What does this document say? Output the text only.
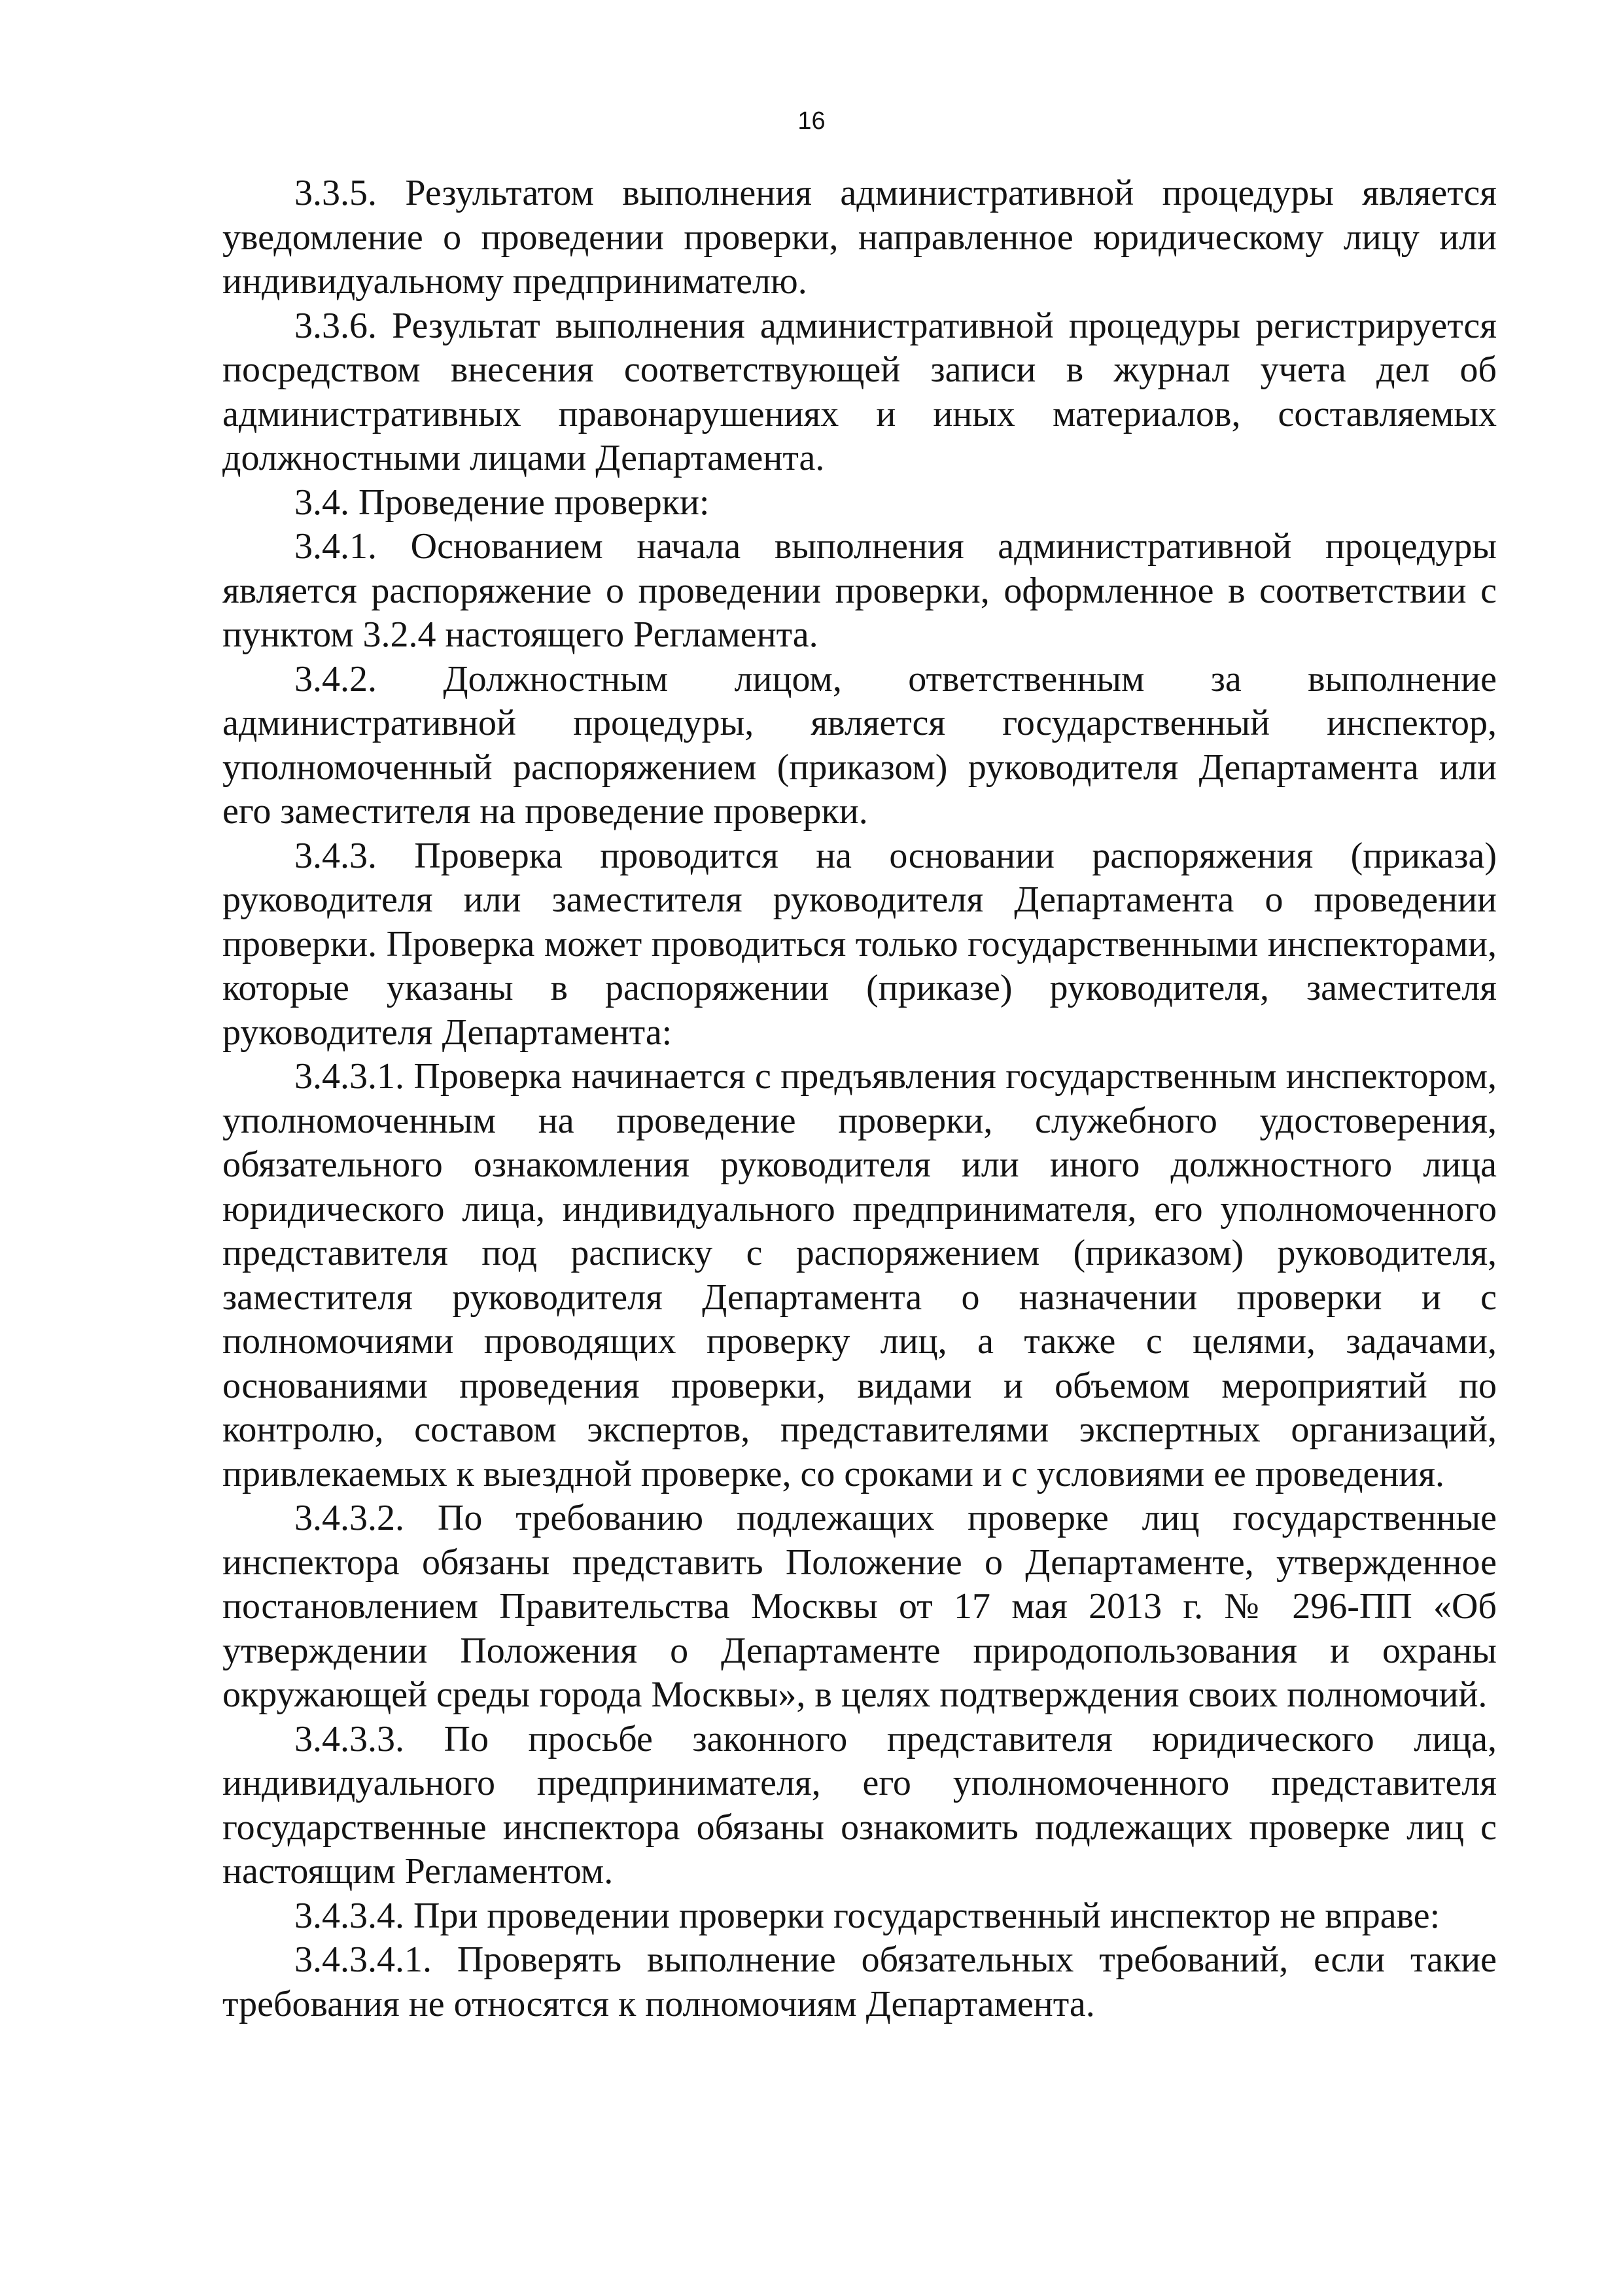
16

3.3.5. Результатом выполнения административной процедуры является уведомление о проведении проверки, направленное юридическому лицу или индивидуальному предпринимателю.

3.3.6. Результат выполнения административной процедуры регистрируется посредством внесения соответствующей записи в журнал учета дел об административных правонарушениях и иных материалов, составляемых должностными лицами Департамента.

3.4. Проведение проверки:

3.4.1. Основанием начала выполнения административной процедуры является распоряжение о проведении проверки, оформленное в соответствии с пунктом 3.2.4 настоящего Регламента.

3.4.2. Должностным лицом, ответственным за выполнение административной процедуры, является государственный инспектор, уполномоченный распоряжением (приказом) руководителя Департамента или его заместителя на проведение проверки.

3.4.3. Проверка проводится на основании распоряжения (приказа) руководителя или заместителя руководителя Департамента о проведении проверки. Проверка может проводиться только государственными инспекторами, которые указаны в распоряжении (приказе) руководителя, заместителя руководителя Департамента:

3.4.3.1. Проверка начинается с предъявления государственным инспектором, уполномоченным на проведение проверки, служебного удостоверения, обязательного ознакомления руководителя или иного должностного лица юридического лица, индивидуального предпринимателя, его уполномоченного представителя под расписку с распоряжением (приказом) руководителя, заместителя руководителя Департамента о назначении проверки и с полномочиями проводящих проверку лиц, а также с целями, задачами, основаниями проведения проверки, видами и объемом мероприятий по контролю, составом экспертов, представителями экспертных организаций, привлекаемых к выездной проверке, со сроками и с условиями ее проведения.

3.4.3.2. По требованию подлежащих проверке лиц государственные инспектора обязаны представить Положение о Департаменте, утвержденное постановлением Правительства Москвы от 17 мая 2013 г. № 296-ПП «Об утверждении Положения о Департаменте природопользования и охраны окружающей среды города Москвы», в целях подтверждения своих полномочий.

3.4.3.3. По просьбе законного представителя юридического лица, индивидуального предпринимателя, его уполномоченного представителя государственные инспектора обязаны ознакомить подлежащих проверке лиц с настоящим Регламентом.

3.4.3.4. При проведении проверки государственный инспектор не вправе:

3.4.3.4.1. Проверять выполнение обязательных требований, если такие требования не относятся к полномочиям Департамента.
